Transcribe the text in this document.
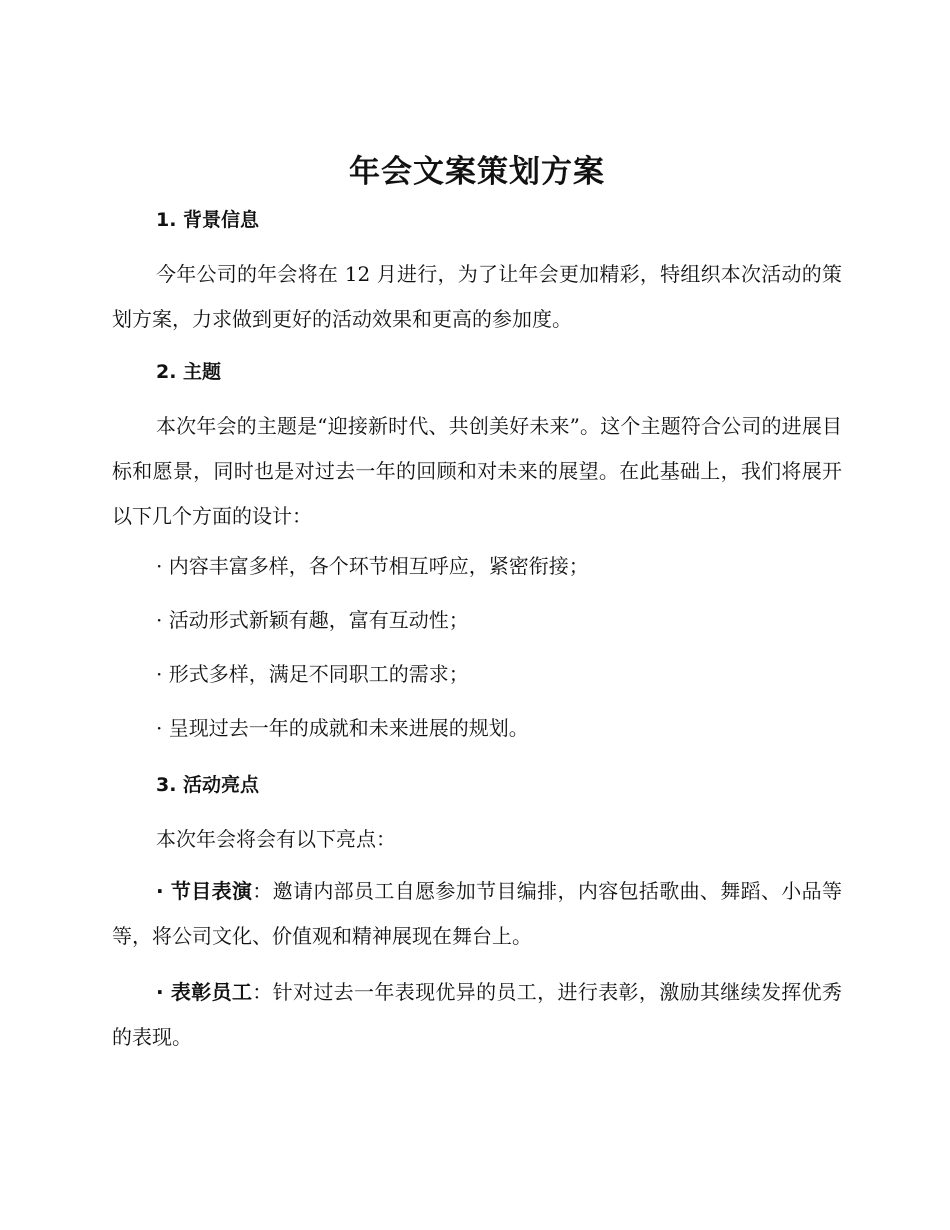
年会文案策划方案
1. 背景信息

今年公司的年会将在 12 月进行，为了让年会更加精彩，特组织本次活动的策划方案，力求做到更好的活动效果和更高的参加度。

2. 主题

本次年会的主题是“迎接新时代、共创美好未来”。这个主题符合公司的进展目标和愿景，同时也是对过去一年的回顾和对未来的展望。在此基础上，我们将展开以下几个方面的设计：

· 内容丰富多样，各个环节相互呼应，紧密衔接；

· 活动形式新颖有趣，富有互动性；

· 形式多样，满足不同职工的需求；

· 呈现过去一年的成就和未来进展的规划。

3. 活动亮点

本次年会将会有以下亮点：

· 节目表演：邀请内部员工自愿参加节目编排，内容包括歌曲、舞蹈、小品等等，将公司文化、价值观和精神展现在舞台上。

· 表彰员工：针对过去一年表现优异的员工，进行表彰，激励其继续发挥优秀的表现。
